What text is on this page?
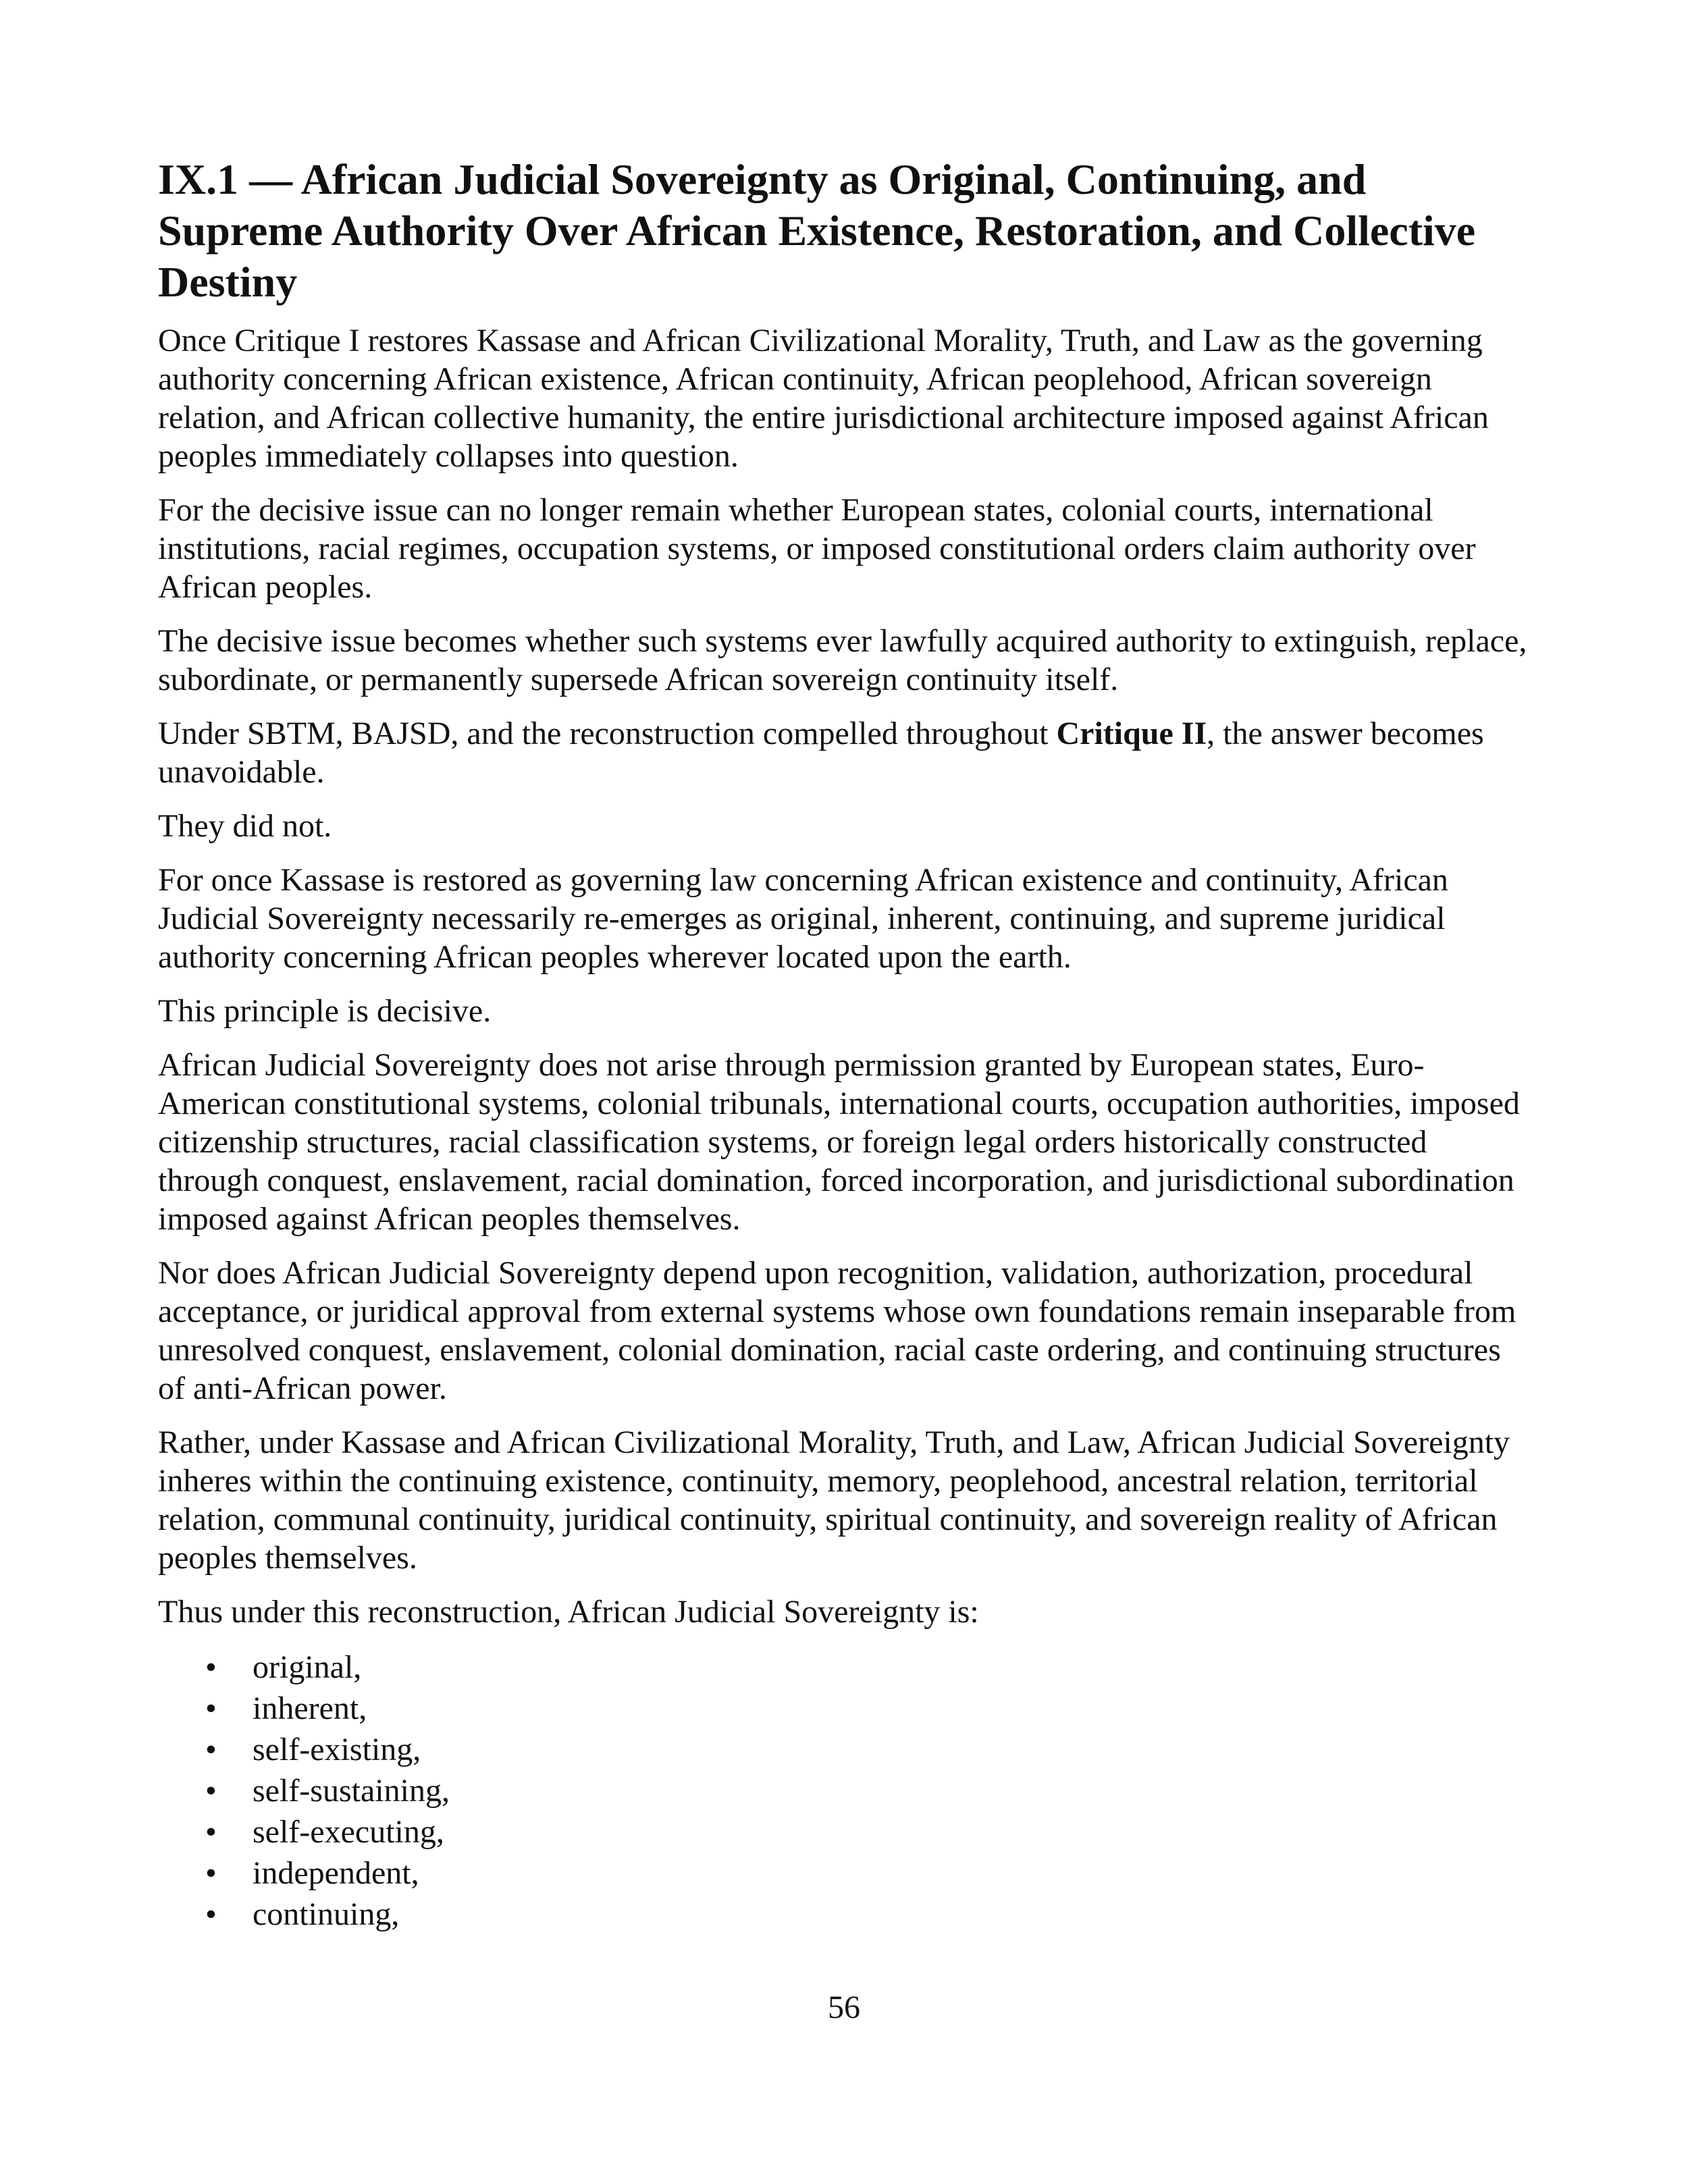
IX.1 — African Judicial Sovereignty as Original, Continuing, and Supreme Authority Over African Existence, Restoration, and Collective Destiny

Once Critique I restores Kassase and African Civilizational Morality, Truth, and Law as the governing authority concerning African existence, African continuity, African peoplehood, African sovereign relation, and African collective humanity, the entire jurisdictional architecture imposed against African peoples immediately collapses into question.

For the decisive issue can no longer remain whether European states, colonial courts, international institutions, racial regimes, occupation systems, or imposed constitutional orders claim authority over African peoples.

The decisive issue becomes whether such systems ever lawfully acquired authority to extinguish, replace, subordinate, or permanently supersede African sovereign continuity itself.

Under SBTM, BAJSD, and the reconstruction compelled throughout Critique II, the answer becomes unavoidable.

They did not.

For once Kassase is restored as governing law concerning African existence and continuity, African Judicial Sovereignty necessarily re-emerges as original, inherent, continuing, and supreme juridical authority concerning African peoples wherever located upon the earth.

This principle is decisive.

African Judicial Sovereignty does not arise through permission granted by European states, Euro-American constitutional systems, colonial tribunals, international courts, occupation authorities, imposed citizenship structures, racial classification systems, or foreign legal orders historically constructed through conquest, enslavement, racial domination, forced incorporation, and jurisdictional subordination imposed against African peoples themselves.

Nor does African Judicial Sovereignty depend upon recognition, validation, authorization, procedural acceptance, or juridical approval from external systems whose own foundations remain inseparable from unresolved conquest, enslavement, colonial domination, racial caste ordering, and continuing structures of anti-African power.

Rather, under Kassase and African Civilizational Morality, Truth, and Law, African Judicial Sovereignty inheres within the continuing existence, continuity, memory, peoplehood, ancestral relation, territorial relation, communal continuity, juridical continuity, spiritual continuity, and sovereign reality of African peoples themselves.

Thus under this reconstruction, African Judicial Sovereignty is:

• original,
• inherent,
• self-existing,
• self-sustaining,
• self-executing,
• independent,
• continuing,
56
